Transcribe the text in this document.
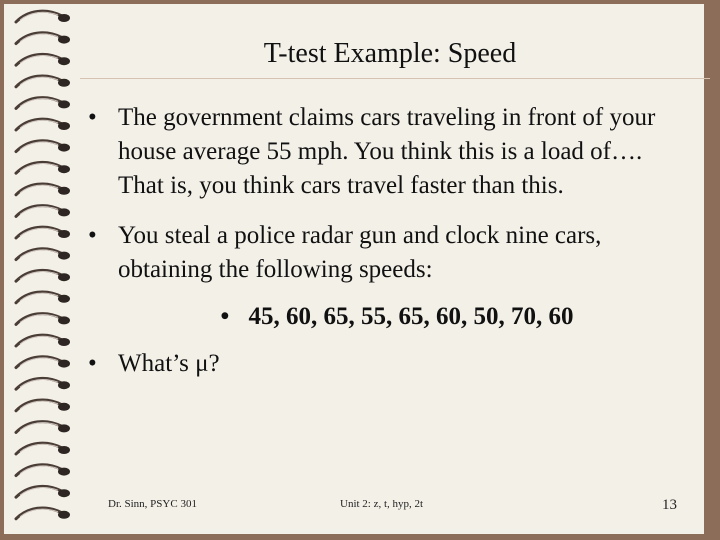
T-test Example: Speed

• The government claims cars traveling in front of your house average 55 mph. You think this is a load of…. That is, you think cars travel faster than this.

• You steal a police radar gun and clock nine cars, obtaining the following speeds:

• 45, 60, 65, 55, 65, 60, 50, 70, 60

• What’s μ?

Dr. Sinn, PSYC 301	Unit 2: z, t, hyp, 2t	13
